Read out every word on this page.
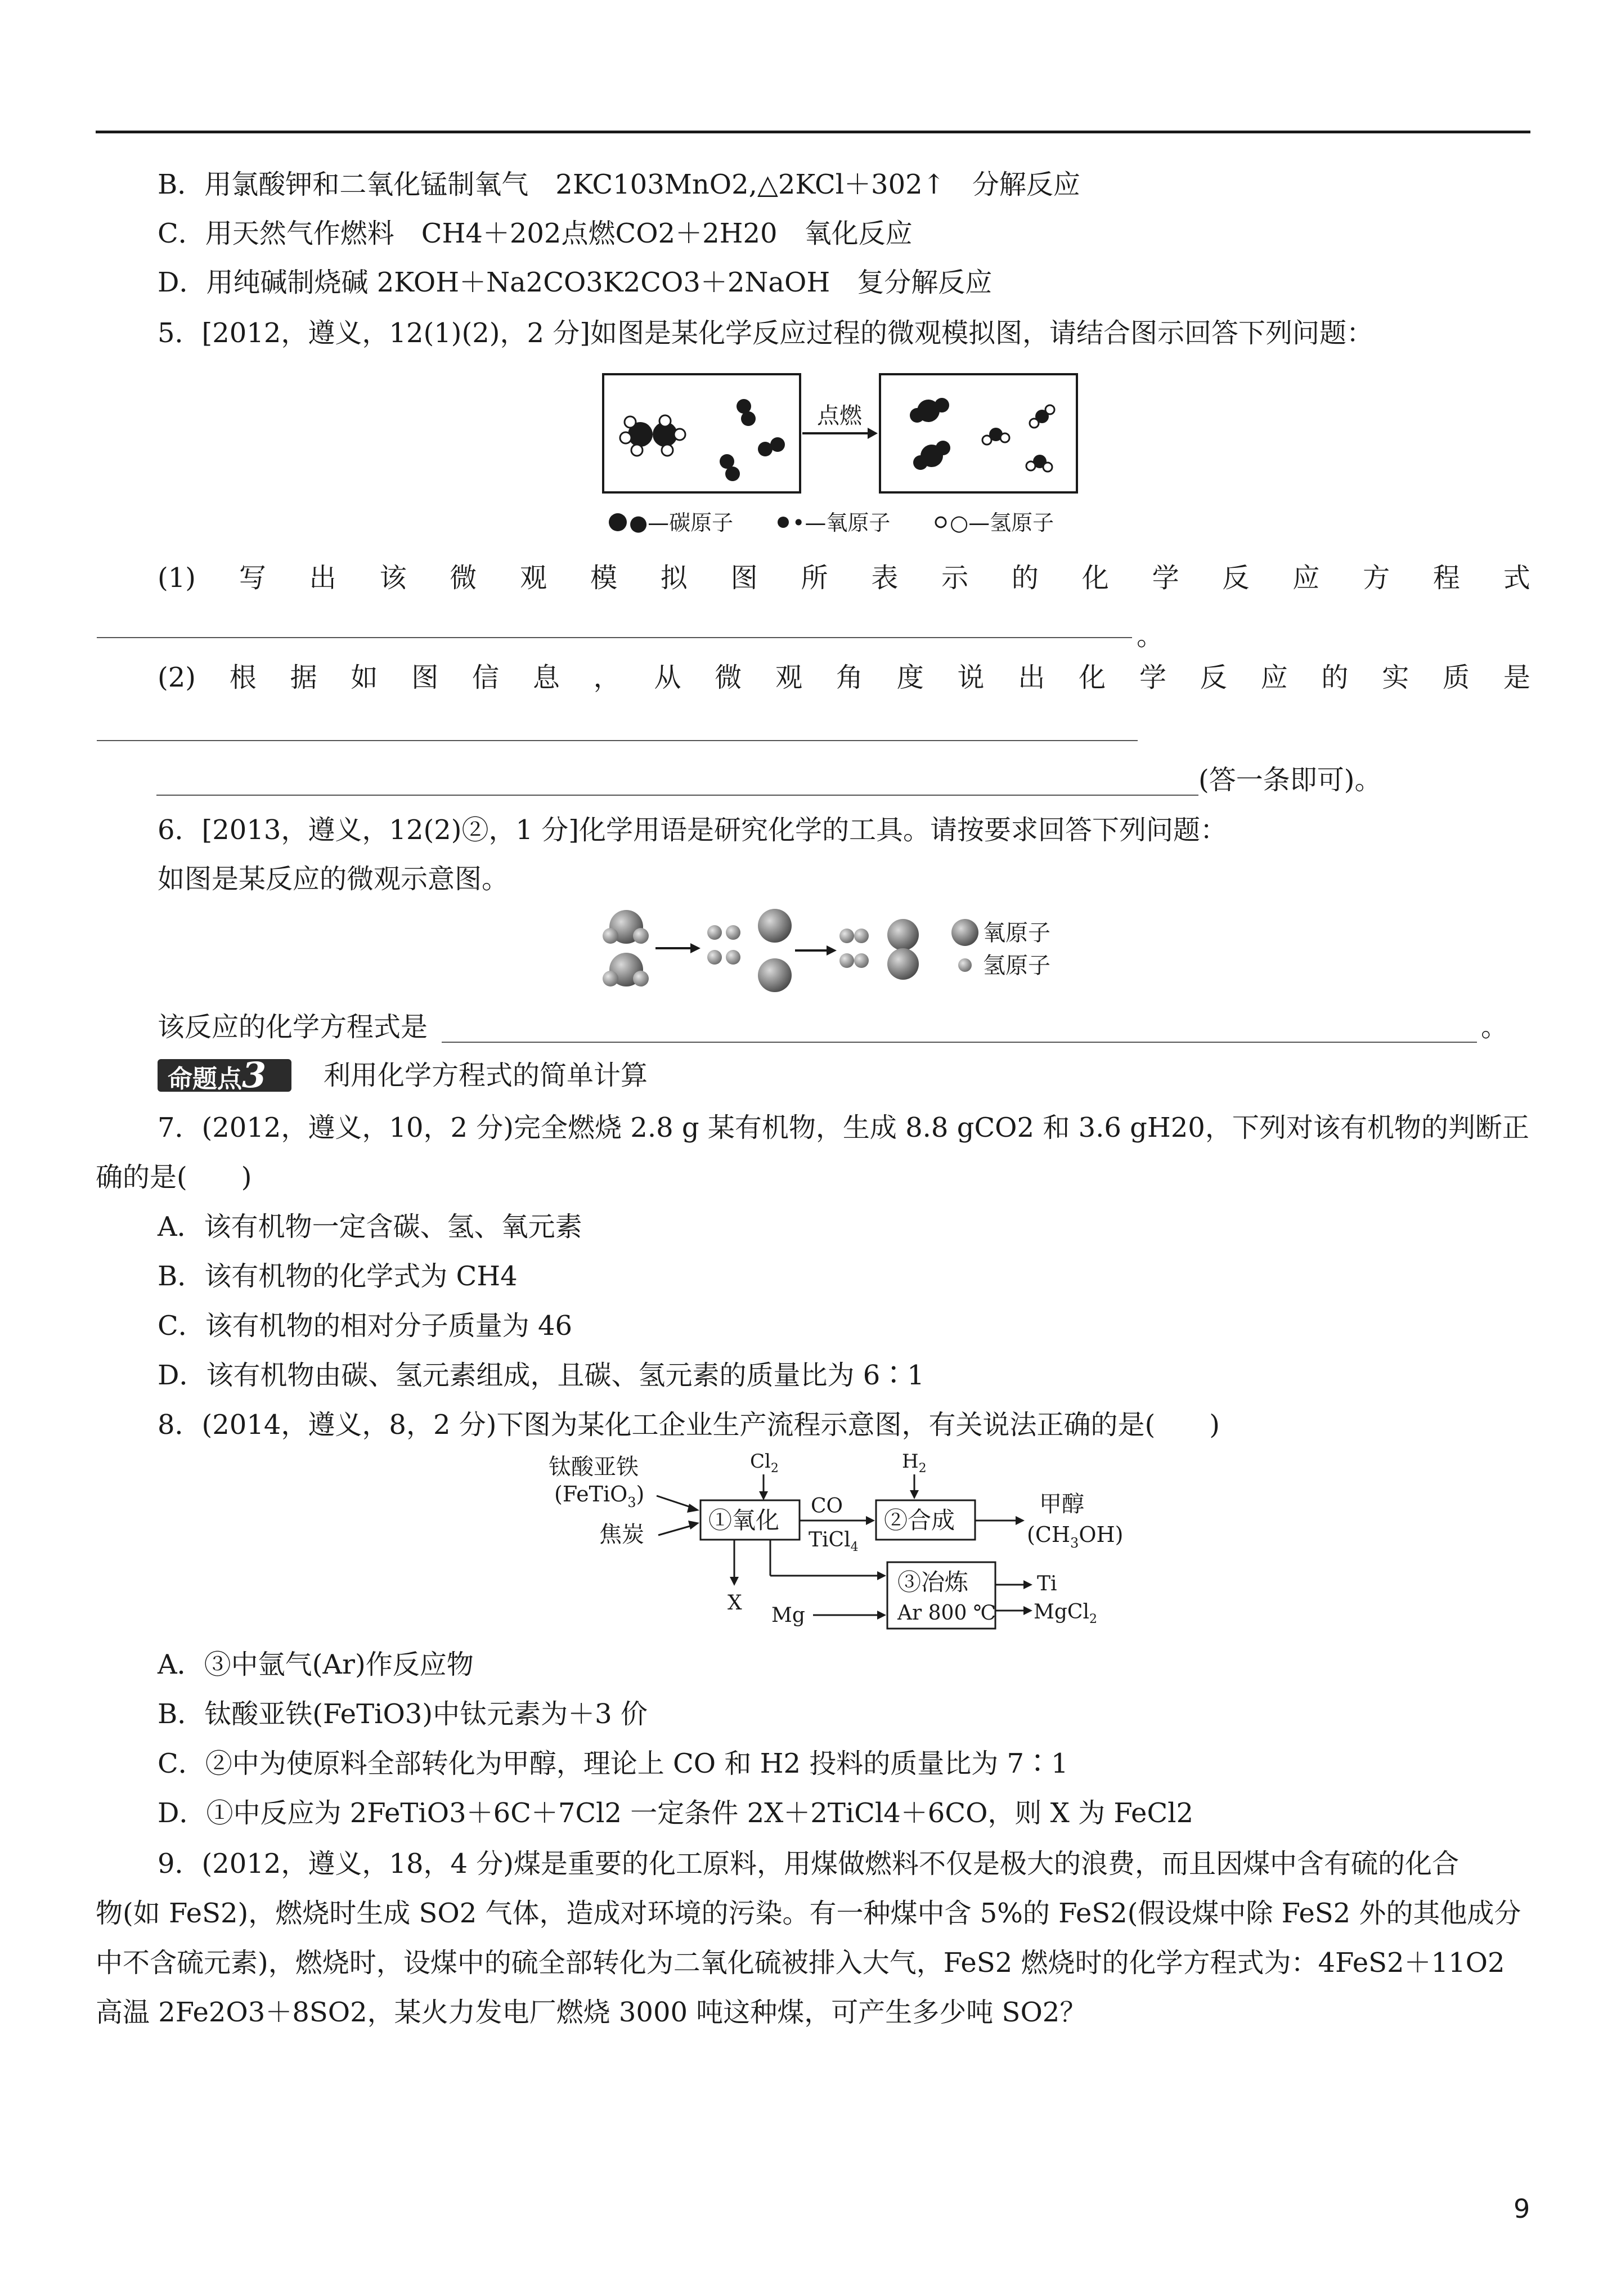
B．用氯酸钾和二氧化锰制氧气　2KC103MnO2,△2KCl＋302↑　分解反应
C．用天然气作燃料　CH4＋202点燃CO2＋2H20　氧化反应
D．用纯碱制烧碱 2KOH＋Na2CO3K2CO3＋2NaOH　复分解反应
5．[2012，遵义，12(1)(2)，2 分]如图是某化学反应过程的微观模拟图，请结合图示回答下列问题：
点燃
●—碳原子	•—氧原子	○—氢原子
(1) 写 出 该 微 观 模 拟 图 所 表 示 的 化 学 反 应 方 程 式
。
(2) 根 据 如 图 信 息 ， 从 微 观 角 度 说 出 化 学 反 应 的 实 质 是
(答一条即可)。
6．[2013，遵义，12(2)②，1 分]化学用语是研究化学的工具。请按要求回答下列问题：
如图是某反应的微观示意图。
氧原子
氢原子
该反应的化学方程式是	。
命题点3	利用化学方程式的简单计算
7．(2012，遵义，10，2 分)完全燃烧 2.8 g 某有机物，生成 8.8 gCO2 和 3.6 gH20，下列对该有机物的判断正
确的是(　　)
A．该有机物一定含碳、氢、氧元素
B．该有机物的化学式为 CH4
C．该有机物的相对分子质量为 46
D．该有机物由碳、氢元素组成，且碳、氢元素的质量比为 6∶1
8．(2014，遵义，8，2 分)下图为某化工企业生产流程示意图，有关说法正确的是(　　)
钛酸亚铁
(FeTiO$_3$)
焦炭
$Cl_2$
①氧化
CO
TiCl$_4$
$H_2$
②合成
甲醇
$(CH_3OH)$
X
Mg
③冶炼
Ar 800 ℃
Ti
MgCl$_2$
A．③中氩气(Ar)作反应物
B．钛酸亚铁(FeTiO3)中钛元素为＋3 价
C．②中为使原料全部转化为甲醇，理论上 CO 和 H2 投料的质量比为 7∶1
D．①中反应为 2FeTiO3＋6C＋7Cl2 一定条件 2X＋2TiCl4＋6CO，则 X 为 FeCl2
9．(2012，遵义，18，4 分)煤是重要的化工原料，用煤做燃料不仅是极大的浪费，而且因煤中含有硫的化合
物(如 FeS2)，燃烧时生成 SO2 气体，造成对环境的污染。有一种煤中含 5%的 FeS2(假设煤中除 FeS2 外的其他成分
中不含硫元素)，燃烧时，设煤中的硫全部转化为二氧化硫被排入大气，FeS2 燃烧时的化学方程式为：4FeS2＋11O2
高温 2Fe2O3＋8SO2，某火力发电厂燃烧 3000 吨这种煤，可产生多少吨 SO2？
9
